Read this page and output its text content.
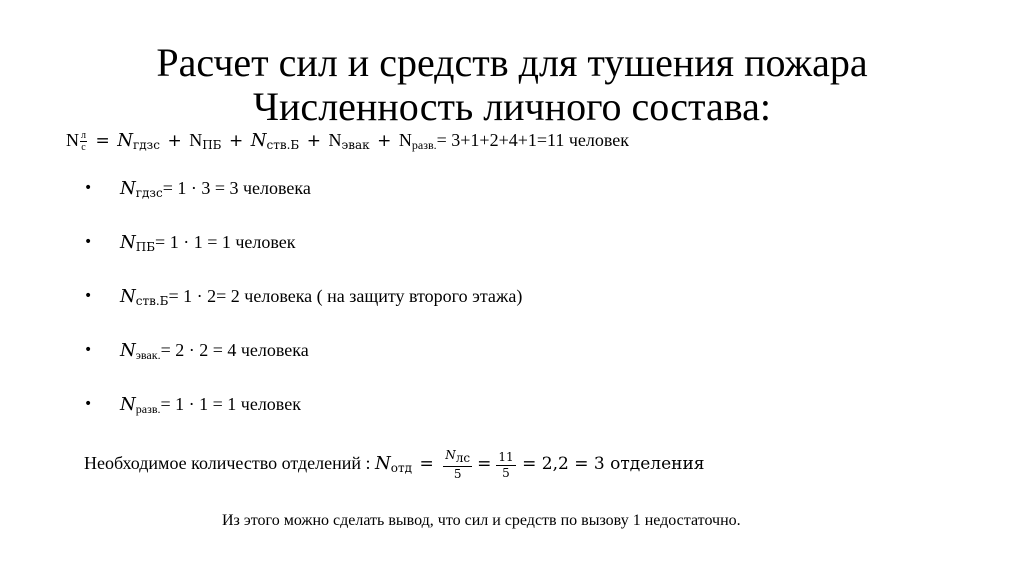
Расчет сил и средств для тушения пожара
Численность личного состава:
N $\frac{л}{с} = N_{гдзс} + N_{ПБ} + N_{ств.Б} + N_{эвак} + N_{разв.}= 3+1+2+4+1=11$ человек
• $N_{гдзс}= 1 \cdot 3 = 3$ человека
• $N_{ПБ}= 1 \cdot 1 = 1$ человек
• $N_{ств.Б}= 1 \cdot 2= 2$ человека ( на защиту второго этажа)
• $N_{эвак.}= 2 \cdot 2 = 4$ человека
• $N_{разв.}= 1 \cdot 1 = 1$ человек
Необходимое количество отделений : $N_{отд} = \frac{N_{лс}}{5} = \frac{11}{5} = 2,2 = 3$ отделения
Из этого можно сделать вывод, что сил и средств по вызову 1 недостаточно.
